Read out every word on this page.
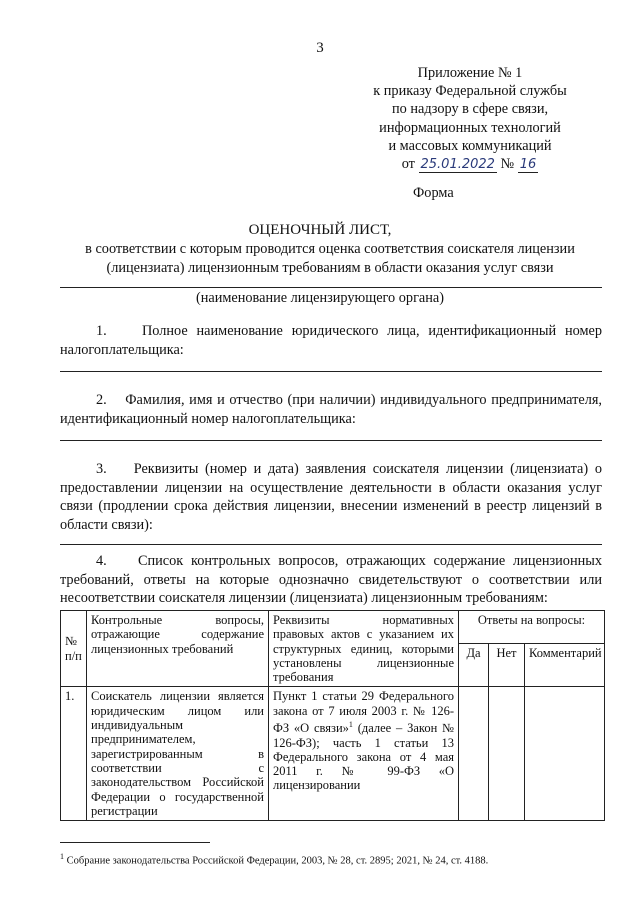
3
Приложение № 1
к приказу Федеральной службы
по надзору в сфере связи,
информационных технологий
и массовых коммуникаций
от 25.01.2022 № 16
Форма
ОЦЕНОЧНЫЙ ЛИСТ,
в соответствии с которым проводится оценка соответствия соискателя лицензии (лицензиата) лицензионным требованиям в области оказания услуг связи
(наименование лицензирующего органа)
1. Полное наименование юридического лица, идентификационный номер налогоплательщика:
2. Фамилия, имя и отчество (при наличии) индивидуального предпринимателя, идентификационный номер налогоплательщика:
3. Реквизиты (номер и дата) заявления соискателя лицензии (лицензиата) о предоставлении лицензии на осуществление деятельности в области оказания услуг связи (продлении срока действия лицензии, внесении изменений в реестр лицензий в области связи):
4. Список контрольных вопросов, отражающих содержание лицензионных требований, ответы на которые однозначно свидетельствуют о соответствии или несоответствии соискателя лицензии (лицензиата) лицензионным требованиям:
№ п/п	Контрольные вопросы, отражающие содержание лицензионных требований	Реквизиты нормативных правовых актов с указанием их структурных единиц, которыми установлены лицензионные требования	Ответы на вопросы:		
			Да	Нет	Комментарий
1.	Соискатель лицензии является юридическим лицом или индивидуальным предпринимателем, зарегистрированным в соответствии с законодательством Российской Федерации о государственной регистрации	Пункт 1 статьи 29 Федерального закона от 7 июля 2003 г. № 126-ФЗ «О связи»$^1$ (далее – Закон № 126-ФЗ); часть 1 статьи 13 Федерального закона от 4 мая 2011 г. № 99-ФЗ «О лицензировании			
$^1$ Собрание законодательства Российской Федерации, 2003, № 28, ст. 2895; 2021, № 24, ст. 4188.
